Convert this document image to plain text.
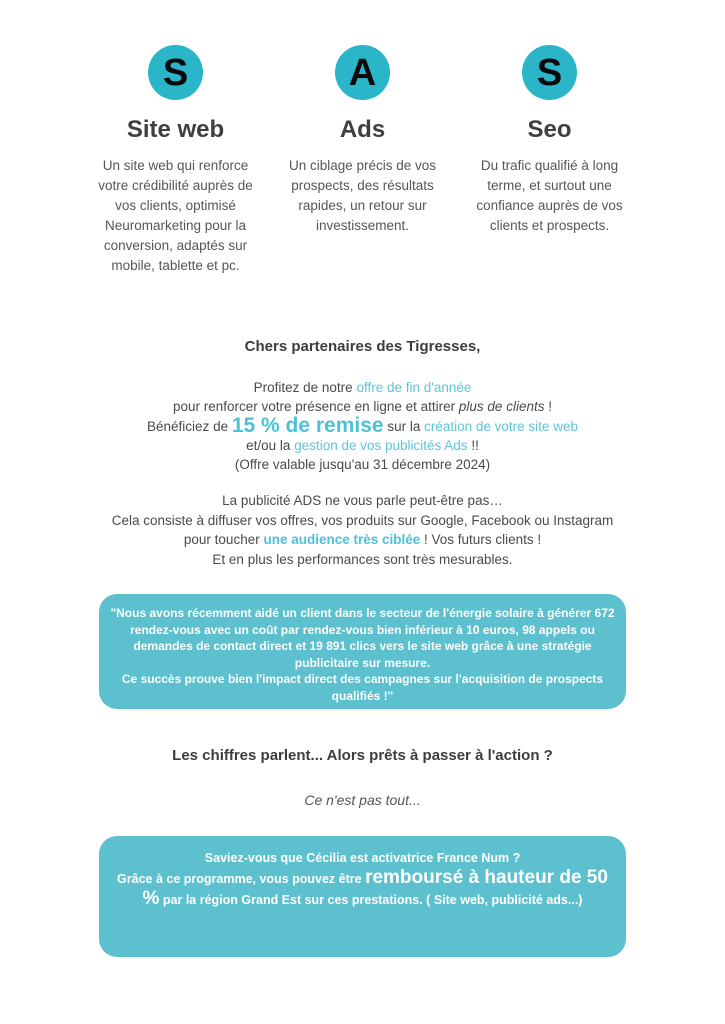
S
Site web
Un site web qui renforce votre crédibilité auprès de vos clients, optimisé Neuromarketing pour la conversion, adaptés sur mobile, tablette et pc.
A
Ads
Un ciblage précis de vos prospects, des résultats rapides, un retour sur investissement.
S
Seo
Du trafic qualifié à long terme, et surtout une confiance auprès de vos clients et prospects.
Chers partenaires des Tigresses,
Profitez de notre offre de fin d'année
pour renforcer votre présence en ligne et attirer plus de clients !
Bénéficiez de 15 % de remise sur la création de votre site web
et/ou la gestion de vos publicités Ads !!
(Offre valable jusqu'au 31 décembre 2024)
La publicité ADS ne vous parle peut-être pas…
Cela consiste à diffuser vos offres, vos produits sur Google, Facebook ou Instagram
pour toucher une audience très ciblée ! Vos futurs clients !
Et en plus les performances sont très mesurables.

"Nous avons récemment aidé un client dans le secteur de l'énergie solaire à générer 672 rendez-vous avec un coût par rendez-vous bien inférieur à 10 euros, 98 appels ou demandes de contact direct et 19 891 clics vers le site web grâce à une stratégie publicitaire sur mesure.

Ce succès prouve bien l'impact direct des campagnes sur l'acquisition de prospects qualifiés !"

Les chiffres parlent... Alors prêts à passer à l'action ?
Ce n'est pas tout...
Saviez-vous que Cécilia est activatrice France Num ?
Grâce à ce programme, vous pouvez être remboursé à hauteur de 50 % par la région Grand Est sur ces prestations. ( Site web, publicité ads...)
